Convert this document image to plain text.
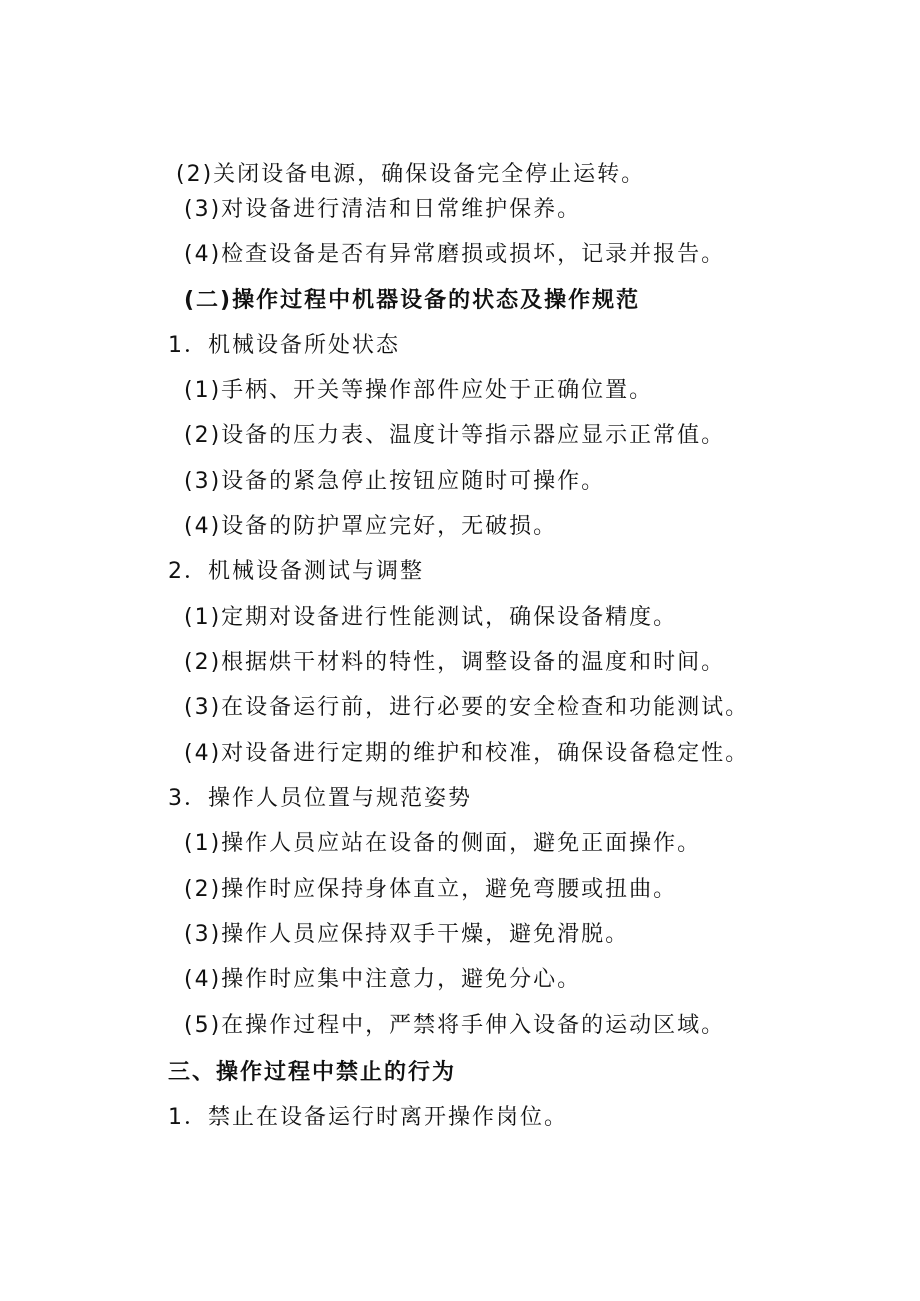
(2)关闭设备电源，确保设备完全停止运转。
(3)对设备进行清洁和日常维护保养。
(4)检查设备是否有异常磨损或损坏，记录并报告。
(二)操作过程中机器设备的状态及操作规范
1．机械设备所处状态
(1)手柄、开关等操作部件应处于正确位置。
(2)设备的压力表、温度计等指示器应显示正常值。
(3)设备的紧急停止按钮应随时可操作。
(4)设备的防护罩应完好，无破损。
2．机械设备测试与调整
(1)定期对设备进行性能测试，确保设备精度。
(2)根据烘干材料的特性，调整设备的温度和时间。
(3)在设备运行前，进行必要的安全检查和功能测试。
(4)对设备进行定期的维护和校准，确保设备稳定性。
3．操作人员位置与规范姿势
(1)操作人员应站在设备的侧面，避免正面操作。
(2)操作时应保持身体直立，避免弯腰或扭曲。
(3)操作人员应保持双手干燥，避免滑脱。
(4)操作时应集中注意力，避免分心。
(5)在操作过程中，严禁将手伸入设备的运动区域。
三、操作过程中禁止的行为
1．禁止在设备运行时离开操作岗位。
